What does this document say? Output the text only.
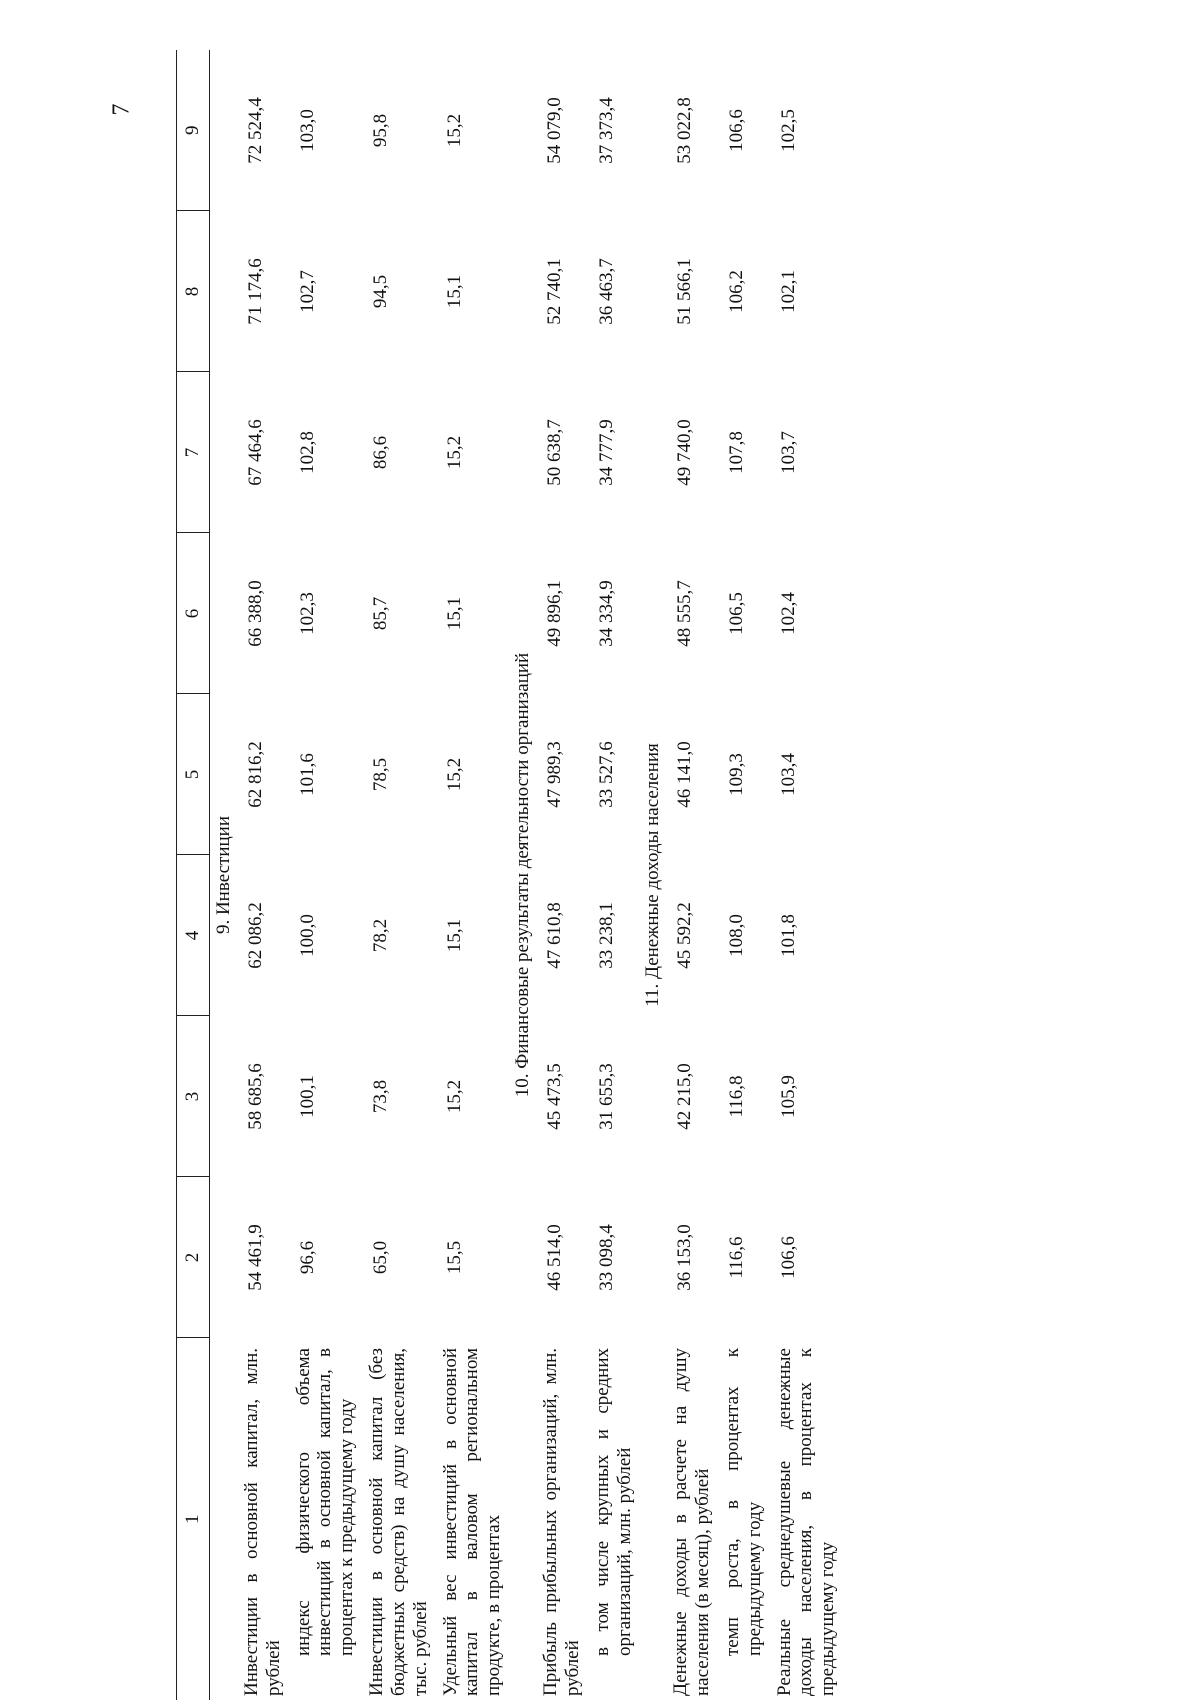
7
1	2	3	4	5	6	7	8	9
9. Инвестиции								
Инвестиции в основной капитал, млн. рублей	54 461,9	58 685,6	62 086,2	62 816,2	66 388,0	67 464,6	71 174,6	72 524,4
индекс физического объема инвестиций в основной капитал, в процентах к предыдущему году	96,6	100,1	100,0	101,6	102,3	102,8	102,7	103,0
Инвестиции в основной капитал (без бюджетных средств) на душу населения, тыс. рублей	65,0	73,8	78,2	78,5	85,7	86,6	94,5	95,8
Удельный вес инвестиций в основной капитал в валовом региональном продукте, в процентах	15,5	15,2	15,1	15,2	15,1	15,2	15,1	15,2
10. Финансовые результаты деятельности организаций								
Прибыль прибыльных организаций, млн. рублей	46 514,0	45 473,5	47 610,8	47 989,3	49 896,1	50 638,7	52 740,1	54 079,0
в том числе крупных и средних организаций, млн. рублей	33 098,4	31 655,3	33 238,1	33 527,6	34 334,9	34 777,9	36 463,7	37 373,4
11. Денежные доходы населения								
Денежные доходы в расчете на душу населения (в месяц), рублей	36 153,0	42 215,0	45 592,2	46 141,0	48 555,7	49 740,0	51 566,1	53 022,8
темп роста, в процентах к предыдущему году	116,6	116,8	108,0	109,3	106,5	107,8	106,2	106,6
Реальные среднедушевые денежные доходы населения, в процентах к предыдущему году	106,6	105,9	101,8	103,4	102,4	103,7	102,1	102,5
